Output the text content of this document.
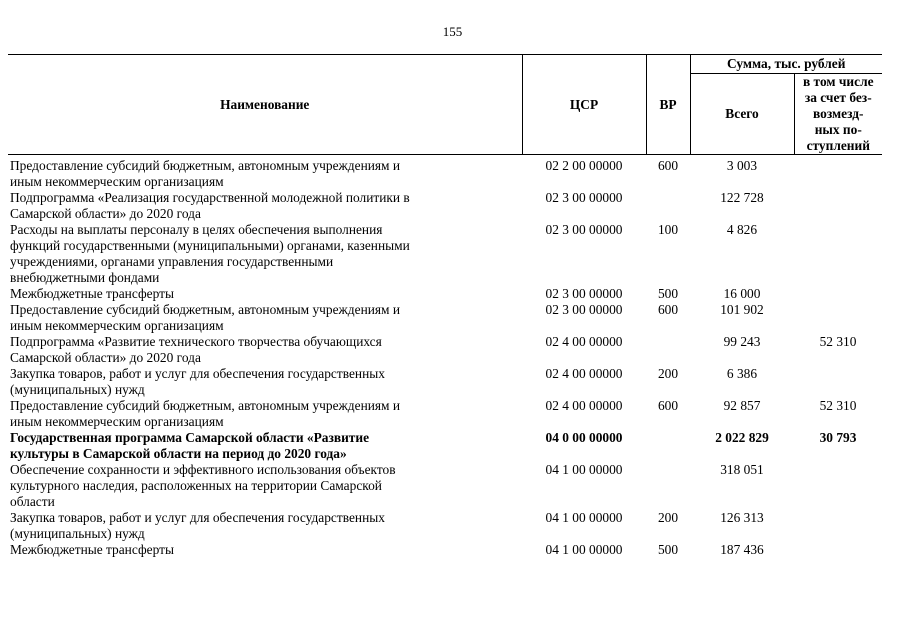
155
Наименование	ЦСР	ВР	Сумма, тыс. рублей	
			Всего	в том числе
за счет без-
возмезд-
ных по-
ступлений

Предоставление субсидий бюджетным, автономным учреждениям и
иным некоммерческим организациям	02 2 00 00000	600	3 003	

Подпрограмма «Реализация государственной молодежной политики в
Самарской области» до 2020 года	02 3 00 00000		122 728	

Расходы на выплаты персоналу в целях обеспечения выполнения
функций государственными (муниципальными) органами, казенными
учреждениями, органами управления государственными
внебюджетными фондами	02 3 00 00000	100	4 826	

Межбюджетные трансферты	02 3 00 00000	500	16 000	

Предоставление субсидий бюджетным, автономным учреждениям и
иным некоммерческим организациям	02 3 00 00000	600	101 902	

Подпрограмма «Развитие технического творчества обучающихся
Самарской области» до 2020 года	02 4 00 00000		99 243	52 310

Закупка товаров, работ и услуг для обеспечения государственных
(муниципальных) нужд	02 4 00 00000	200	6 386	

Предоставление субсидий бюджетным, автономным учреждениям и
иным некоммерческим организациям	02 4 00 00000	600	92 857	52 310

Государственная программа Самарской области «Развитие
культуры в Самарской области на период до 2020 года»	04 0 00 00000		2 022 829	30 793

Обеспечение сохранности и эффективного использования объектов
культурного наследия, расположенных на территории Самарской
области	04 1 00 00000		318 051	

Закупка товаров, работ и услуг для обеспечения государственных
(муниципальных) нужд	04 1 00 00000	200	126 313	

Межбюджетные трансферты	04 1 00 00000	500	187 436	
